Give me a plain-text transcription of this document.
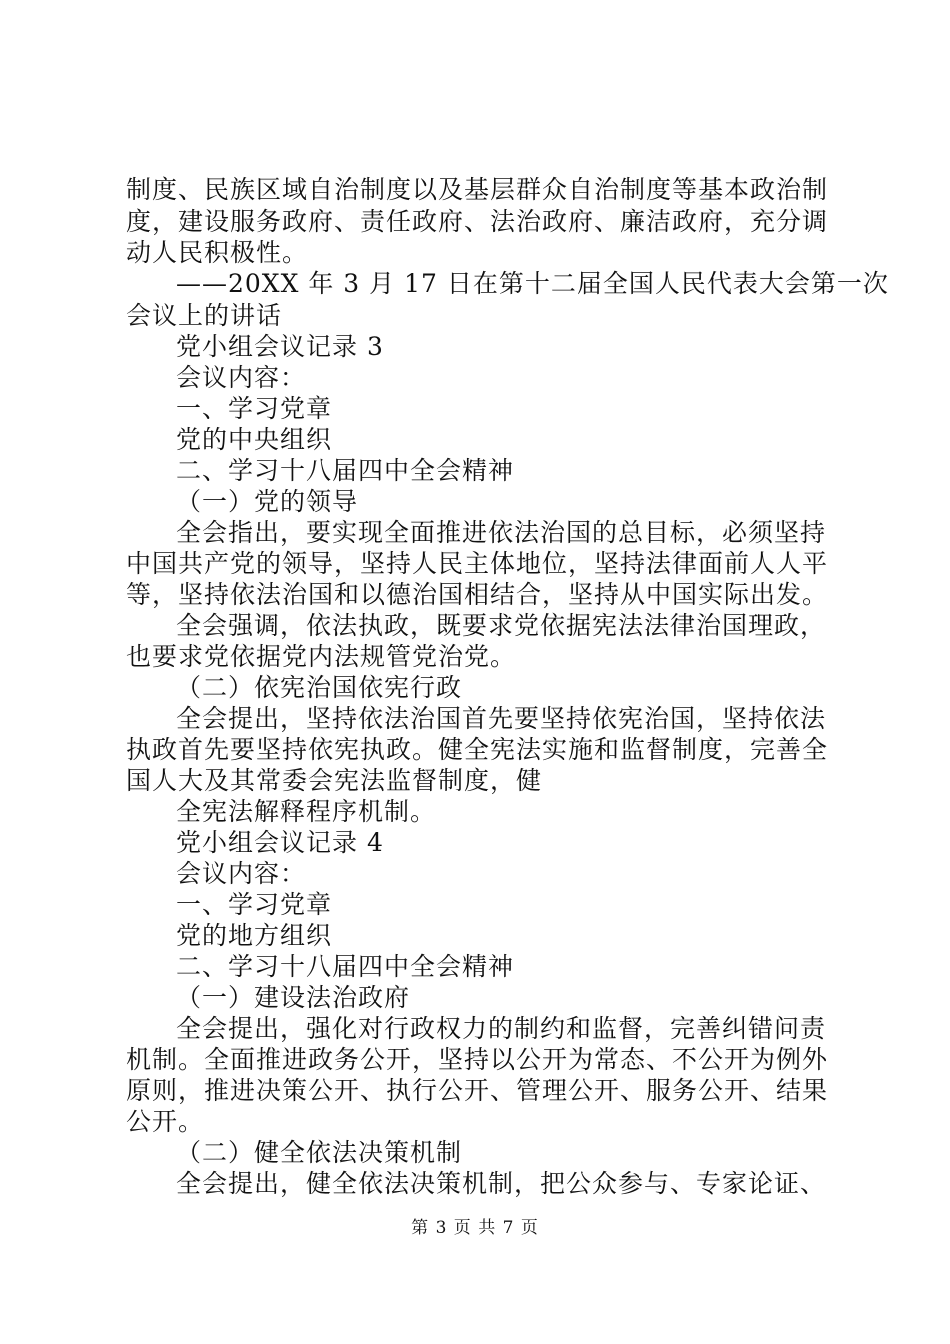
制度、民族区域自治制度以及基层群众自治制度等基本政治制
度，建设服务政府、责任政府、法治政府、廉洁政府，充分调
动人民积极性。
——20XX 年 3 月 17 日在第十二届全国人民代表大会第一次
会议上的讲话
党小组会议记录 3
会议内容：
一、学习党章
党的中央组织
二、学习十八届四中全会精神
（一）党的领导
全会指出，要实现全面推进依法治国的总目标，必须坚持
中国共产党的领导，坚持人民主体地位，坚持法律面前人人平
等，坚持依法治国和以德治国相结合，坚持从中国实际出发。
全会强调，依法执政，既要求党依据宪法法律治国理政，
也要求党依据党内法规管党治党。
（二）依宪治国依宪行政
全会提出，坚持依法治国首先要坚持依宪治国，坚持依法
执政首先要坚持依宪执政。健全宪法实施和监督制度，完善全
国人大及其常委会宪法监督制度，健
全宪法解释程序机制。
党小组会议记录 4
会议内容：
一、学习党章
党的地方组织
二、学习十八届四中全会精神
（一）建设法治政府
全会提出，强化对行政权力的制约和监督，完善纠错问责
机制。全面推进政务公开，坚持以公开为常态、不公开为例外
原则，推进决策公开、执行公开、管理公开、服务公开、结果
公开。
（二）健全依法决策机制
全会提出，健全依法决策机制，把公众参与、专家论证、
第 3 页 共 7 页
